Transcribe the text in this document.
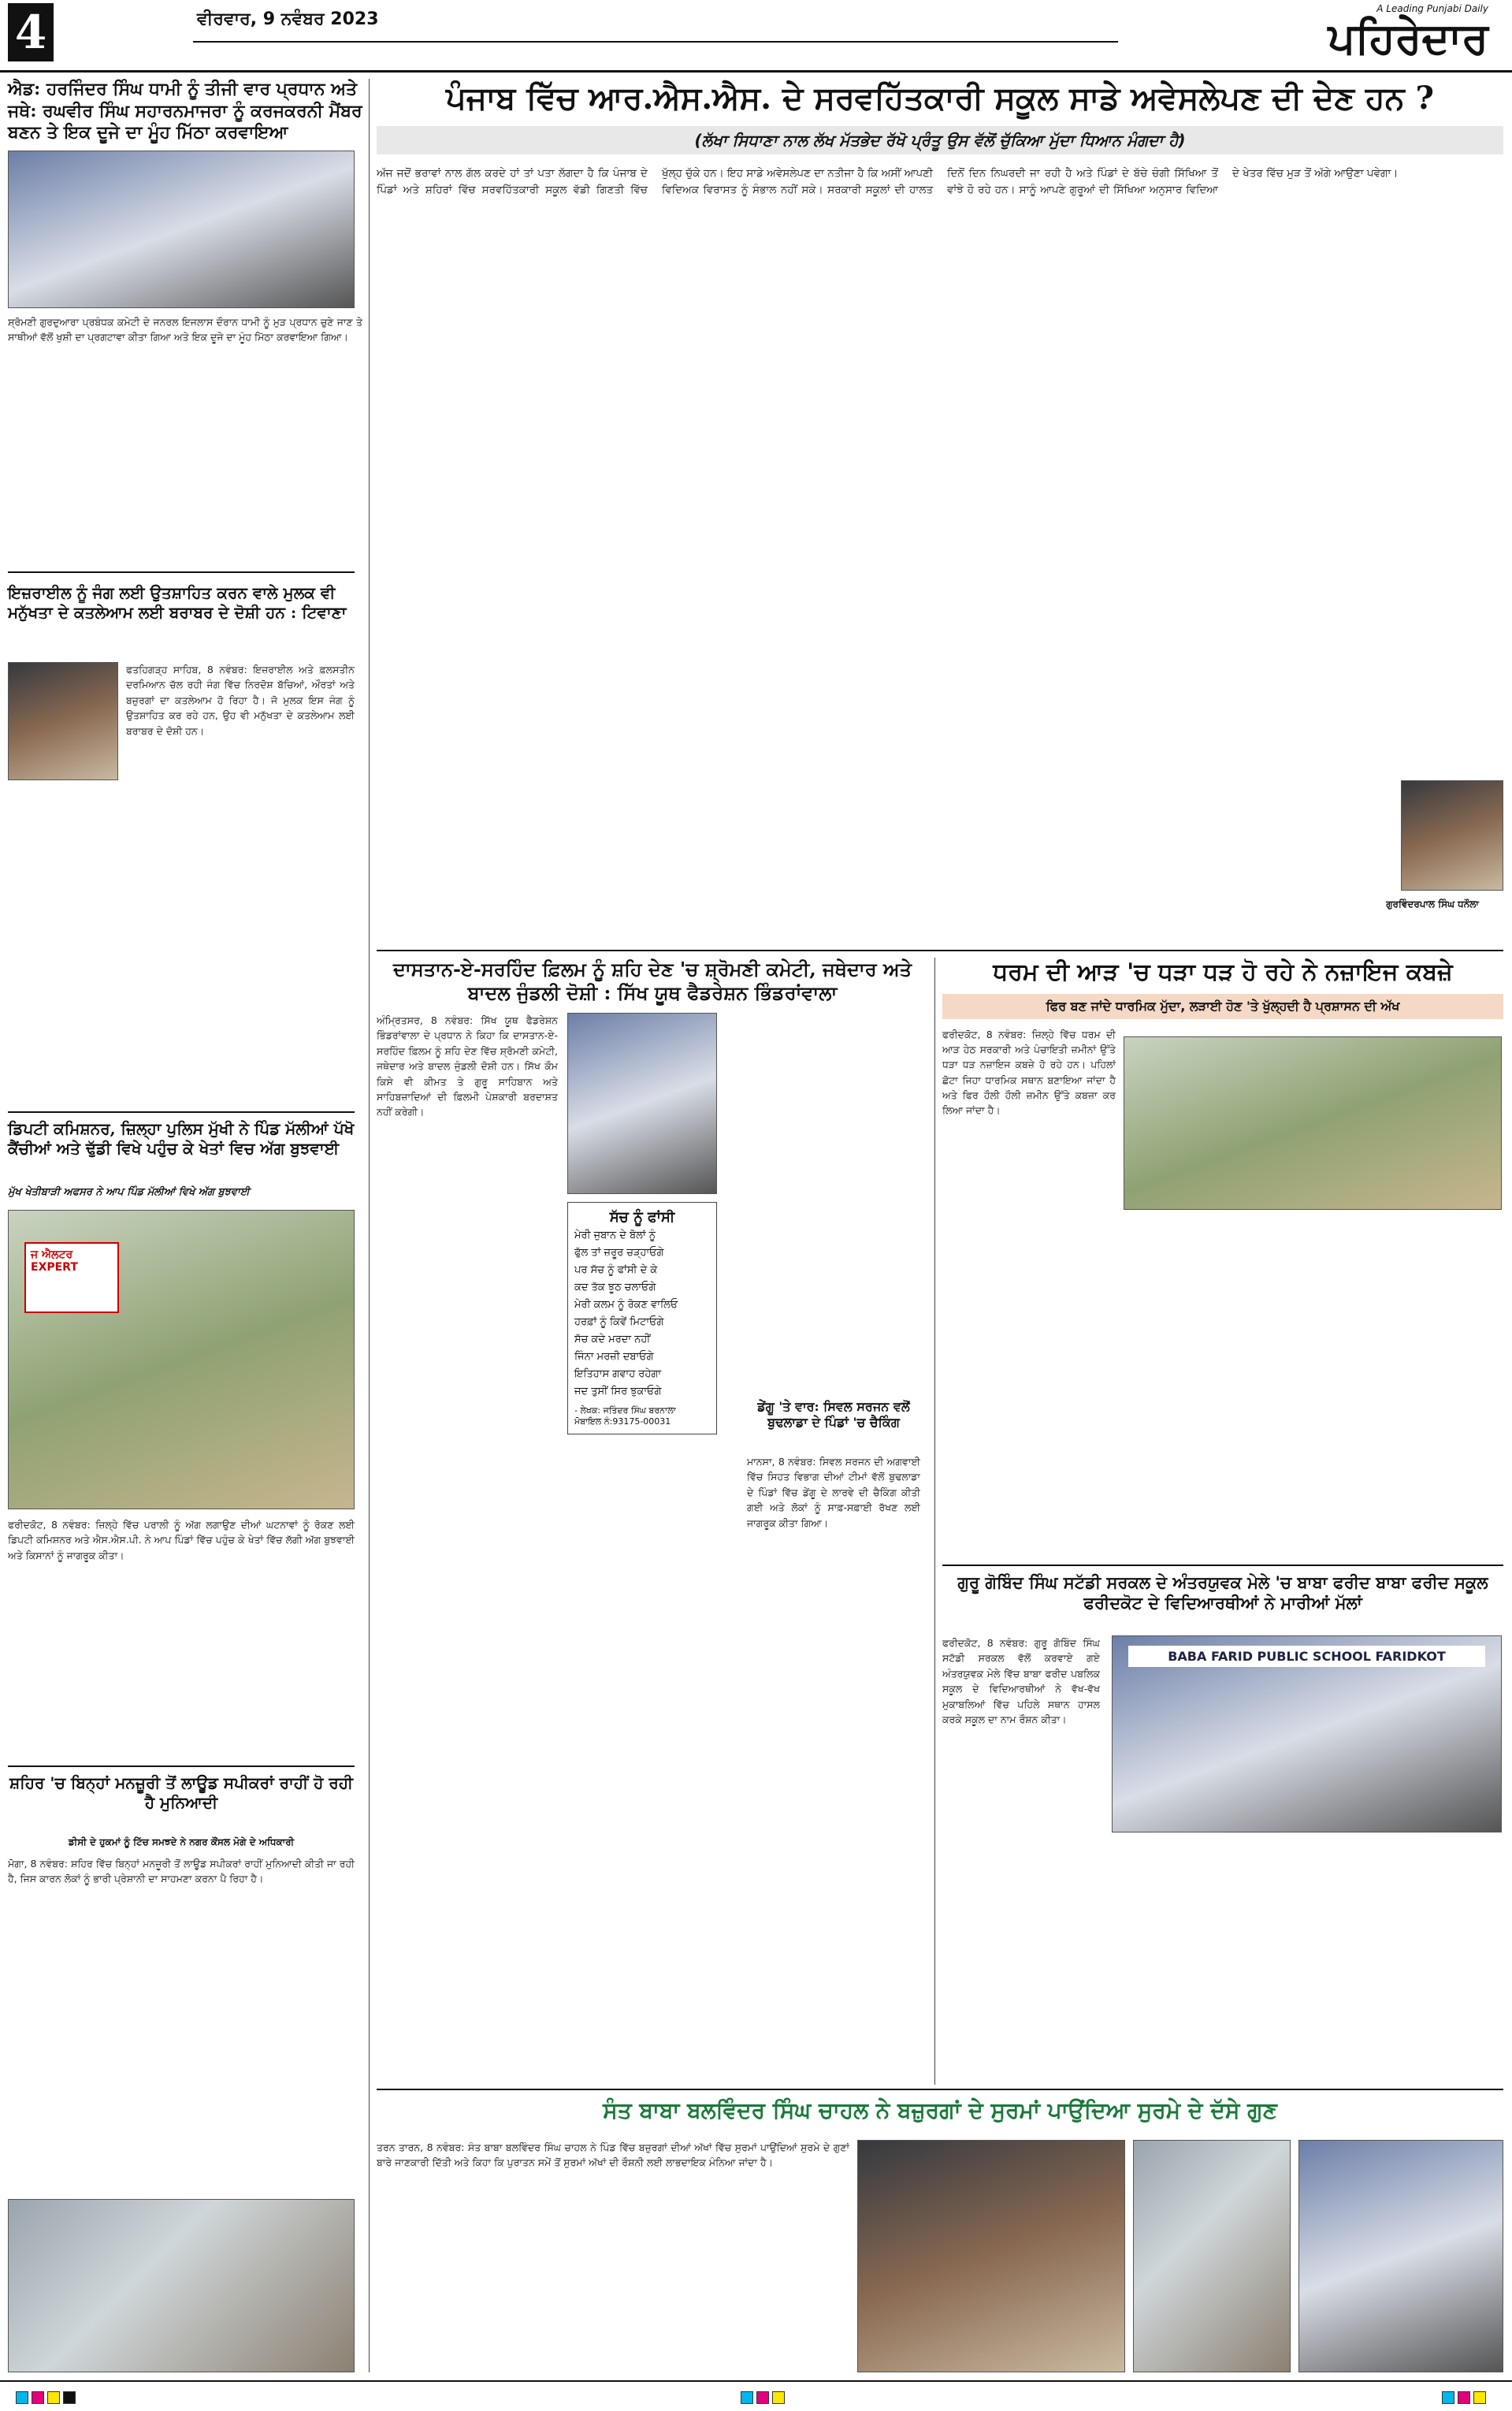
4	ਵੀਰਵਾਰ, 9 ਨਵੰਬਰ 2023
A Leading Punjabi Daily
ਪਹਿਰੇਦਾਰ
ਐਡ: ਹਰਜਿੰਦਰ ਸਿੰਘ ਧਾਮੀ ਨੂੰ ਤੀਜੀ ਵਾਰ ਪ੍ਰਧਾਨ ਅਤੇ ਜਥੇ: ਰਘਵੀਰ ਸਿੰਘ ਸਹਾਰਨਮਾਜਰਾ ਨੂੰ ਕਰਜਕਰਨੀ ਮੈਂਬਰ ਬਣਨ ਤੇ ਇਕ ਦੂਜੇ ਦਾ ਮੂੰਹ ਮਿੱਠਾ ਕਰਵਾਇਆ

ਸ਼੍ਰੋਮਣੀ ਗੁਰਦੁਆਰਾ ਪ੍ਰਬੰਧਕ ਕਮੇਟੀ ਦੇ ਜਨਰਲ ਇਜਲਾਸ ਦੌਰਾਨ ਧਾਮੀ ਨੂੰ ਮੁੜ ਪ੍ਰਧਾਨ ਚੁਣੇ ਜਾਣ ਤੇ ਸਾਥੀਆਂ ਵੱਲੋਂ ਖੁਸ਼ੀ ਦਾ ਪ੍ਰਗਟਾਵਾ ਕੀਤਾ ਗਿਆ ਅਤੇ ਇਕ ਦੂਜੇ ਦਾ ਮੂੰਹ ਮਿੱਠਾ ਕਰਵਾਇਆ ਗਿਆ।

ਇਜ਼ਰਾਈਲ ਨੂੰ ਜੰਗ ਲਈ ਉਤਸ਼ਾਹਿਤ ਕਰਨ ਵਾਲੇ ਮੁਲਕ ਵੀ ਮਨੁੱਖਤਾ ਦੇ ਕਤਲੇਆਮ ਲਈ ਬਰਾਬਰ ਦੇ ਦੋਸ਼ੀ ਹਨ : ਟਿਵਾਣਾ

ਫਤਹਿਗੜ੍ਹ ਸਾਹਿਬ, 8 ਨਵੰਬਰ: ਇਜ਼ਰਾਈਲ ਅਤੇ ਫ਼ਲਸਤੀਨ ਦਰਮਿਆਨ ਚੱਲ ਰਹੀ ਜੰਗ ਵਿੱਚ ਨਿਰਦੋਸ਼ ਬੱਚਿਆਂ, ਔਰਤਾਂ ਅਤੇ ਬਜ਼ੁਰਗਾਂ ਦਾ ਕਤਲੇਆਮ ਹੋ ਰਿਹਾ ਹੈ। ਜੋ ਮੁਲਕ ਇਸ ਜੰਗ ਨੂੰ ਉਤਸ਼ਾਹਿਤ ਕਰ ਰਹੇ ਹਨ, ਉਹ ਵੀ ਮਨੁੱਖਤਾ ਦੇ ਕਤਲੇਆਮ ਲਈ ਬਰਾਬਰ ਦੇ ਦੋਸ਼ੀ ਹਨ।

ਡਿਪਟੀ ਕਮਿਸ਼ਨਰ, ਜ਼ਿਲ੍ਹਾ ਪੁਲਿਸ ਮੁੱਖੀ ਨੇ ਪਿੰਡ ਮੱਲੀਆਂ ਪੱਖੋ ਕੈਂਚੀਆਂ ਅਤੇ ਢੁੱਡੀ ਵਿਖੇ ਪਹੁੰਚ ਕੇ ਖੇਤਾਂ ਵਿਚ ਅੱਗ ਬੁਝਵਾਈ
ਮੁੱਖ ਖੇਤੀਬਾੜੀ ਅਫਸਰ ਨੇ ਆਪ ਪਿੰਡ ਮੱਲੀਆਂ ਵਿਖੇ ਅੱਗ ਬੁਝਵਾਈ
ਜ ਐਲਟਰ EXPERT

ਫਰੀਦਕੋਟ, 8 ਨਵੰਬਰ: ਜ਼ਿਲ੍ਹੇ ਵਿੱਚ ਪਰਾਲੀ ਨੂੰ ਅੱਗ ਲਗਾਉਣ ਦੀਆਂ ਘਟਨਾਵਾਂ ਨੂੰ ਰੋਕਣ ਲਈ ਡਿਪਟੀ ਕਮਿਸ਼ਨਰ ਅਤੇ ਐਸ.ਐਸ.ਪੀ. ਨੇ ਆਪ ਪਿੰਡਾਂ ਵਿੱਚ ਪਹੁੰਚ ਕੇ ਖੇਤਾਂ ਵਿੱਚ ਲੱਗੀ ਅੱਗ ਬੁਝਵਾਈ ਅਤੇ ਕਿਸਾਨਾਂ ਨੂੰ ਜਾਗਰੂਕ ਕੀਤਾ।

ਸ਼ਹਿਰ 'ਚ ਬਿਨ੍ਹਾਂ ਮਨਜ਼ੂਰੀ ਤੋਂ ਲਾਊਡ ਸਪੀਕਰਾਂ ਰਾਹੀਂ ਹੋ ਰਹੀ ਹੈ ਮੁਨਿਆਦੀ
ਡੀਸੀ ਦੇ ਹੁਕਮਾਂ ਨੂੰ ਟਿੱਚ ਸਮਝਦੇ ਨੇ ਨਗਰ ਕੌਂਸਲ ਮੋਗੇ ਦੇ ਅਧਿਕਾਰੀ

ਮੋਗਾ, 8 ਨਵੰਬਰ: ਸ਼ਹਿਰ ਵਿੱਚ ਬਿਨ੍ਹਾਂ ਮਨਜ਼ੂਰੀ ਤੋਂ ਲਾਊਡ ਸਪੀਕਰਾਂ ਰਾਹੀਂ ਮੁਨਿਆਦੀ ਕੀਤੀ ਜਾ ਰਹੀ ਹੈ, ਜਿਸ ਕਾਰਨ ਲੋਕਾਂ ਨੂੰ ਭਾਰੀ ਪ੍ਰੇਸ਼ਾਨੀ ਦਾ ਸਾਹਮਣਾ ਕਰਨਾ ਪੈ ਰਿਹਾ ਹੈ।

ਪੰਜਾਬ ਵਿੱਚ ਆਰ.ਐਸ.ਐਸ. ਦੇ ਸਰਵਹਿੱਤਕਾਰੀ ਸਕੂਲ ਸਾਡੇ ਅਵੇਸਲੇਪਣ ਦੀ ਦੇਣ ਹਨ ?
(ਲੱਖਾ ਸਿਧਾਣਾ ਨਾਲ ਲੱਖ ਮੱਤਭੇਦ ਰੱਖੋ ਪ੍ਰੰਤੂ ਉਸ ਵੱਲੋਂ ਚੁੱਕਿਆ ਮੁੱਦਾ ਧਿਆਨ ਮੰਗਦਾ ਹੈ)

ਅੱਜ ਜਦੋਂ ਭਰਾਵਾਂ ਨਾਲ ਗੱਲ ਕਰਦੇ ਹਾਂ ਤਾਂ ਪਤਾ ਲੱਗਦਾ ਹੈ ਕਿ ਪੰਜਾਬ ਦੇ ਪਿੰਡਾਂ ਅਤੇ ਸ਼ਹਿਰਾਂ ਵਿੱਚ ਸਰਵਹਿੱਤਕਾਰੀ ਸਕੂਲ ਵੱਡੀ ਗਿਣਤੀ ਵਿੱਚ ਖੁੱਲ੍ਹ ਚੁੱਕੇ ਹਨ। ਇਹ ਸਾਡੇ ਅਵੇਸਲੇਪਣ ਦਾ ਨਤੀਜਾ ਹੈ ਕਿ ਅਸੀਂ ਆਪਣੀ ਵਿਦਿਅਕ ਵਿਰਾਸਤ ਨੂੰ ਸੰਭਾਲ ਨਹੀਂ ਸਕੇ। ਸਰਕਾਰੀ ਸਕੂਲਾਂ ਦੀ ਹਾਲਤ ਦਿਨੋਂ ਦਿਨ ਨਿਘਰਦੀ ਜਾ ਰਹੀ ਹੈ ਅਤੇ ਪਿੰਡਾਂ ਦੇ ਬੱਚੇ ਚੰਗੀ ਸਿੱਖਿਆ ਤੋਂ ਵਾਂਝੇ ਹੋ ਰਹੇ ਹਨ। ਸਾਨੂੰ ਆਪਣੇ ਗੁਰੂਆਂ ਦੀ ਸਿੱਖਿਆ ਅਨੁਸਾਰ ਵਿਦਿਆ ਦੇ ਖੇਤਰ ਵਿੱਚ ਮੁੜ ਤੋਂ ਅੱਗੇ ਆਉਣਾ ਪਵੇਗਾ।

ਗੁਰਵਿੰਦਰਪਾਲ ਸਿੰਘ ਧਨੌਲਾ
ਦਾਸਤਾਨ-ਏ-ਸਰਹਿੰਦ ਫ਼ਿਲਮ ਨੂੰ ਸ਼ਹਿ ਦੇਣ 'ਚ ਸ਼੍ਰੋਮਣੀ ਕਮੇਟੀ, ਜਥੇਦਾਰ ਅਤੇ ਬਾਦਲ ਜੁੰਡਲੀ ਦੋਸ਼ੀ : ਸਿੱਖ ਯੂਥ ਫੈਡਰੇਸ਼ਨ ਭਿੰਡਰਾਂਵਾਲਾ

ਅੰਮ੍ਰਿਤਸਰ, 8 ਨਵੰਬਰ: ਸਿੱਖ ਯੂਥ ਫੈਡਰੇਸ਼ਨ ਭਿੰਡਰਾਂਵਾਲਾ ਦੇ ਪ੍ਰਧਾਨ ਨੇ ਕਿਹਾ ਕਿ ਦਾਸਤਾਨ-ਏ-ਸਰਹਿੰਦ ਫ਼ਿਲਮ ਨੂੰ ਸ਼ਹਿ ਦੇਣ ਵਿੱਚ ਸ਼੍ਰੋਮਣੀ ਕਮੇਟੀ, ਜਥੇਦਾਰ ਅਤੇ ਬਾਦਲ ਜੁੰਡਲੀ ਦੋਸ਼ੀ ਹਨ। ਸਿੱਖ ਕੌਮ ਕਿਸੇ ਵੀ ਕੀਮਤ ਤੇ ਗੁਰੂ ਸਾਹਿਬਾਨ ਅਤੇ ਸਾਹਿਬਜ਼ਾਦਿਆਂ ਦੀ ਫ਼ਿਲਮੀ ਪੇਸ਼ਕਾਰੀ ਬਰਦਾਸ਼ਤ ਨਹੀਂ ਕਰੇਗੀ।

ਸੱਚ ਨੂੰ ਫਾਂਸੀ
ਮੇਰੀ ਜੁਬਾਨ ਦੇ ਬੋਲਾਂ ਨੂੰ
ਫੁੱਲ ਤਾਂ ਜ਼ਰੂਰ ਚੜ੍ਹਾਓਗੇ
ਪਰ ਸੱਚ ਨੂੰ ਫਾਂਸੀ ਦੇ ਕੇ
ਕਦ ਤੱਕ ਝੂਠ ਚਲਾਓਗੇ
ਮੇਰੀ ਕਲਮ ਨੂੰ ਰੋਕਣ ਵਾਲਿਓ
ਹਰਫ਼ਾਂ ਨੂੰ ਕਿਵੇਂ ਮਿਟਾਓਗੇ
ਸੱਚ ਕਦੇ ਮਰਦਾ ਨਹੀਂ
ਜਿੰਨਾ ਮਰਜ਼ੀ ਦਬਾਓਗੇ
ਇਤਿਹਾਸ ਗਵਾਹ ਰਹੇਗਾ
ਜਦ ਤੁਸੀਂ ਸਿਰ ਝੁਕਾਓਗੇ
- ਲੇਖਕ: ਜਤਿੰਦਰ ਸਿੰਘ ਬਰਨਾਲਾ
ਮੋਬਾਇਲ ਨੰ:93175-00031
ਡੇਂਗੂ 'ਤੇ ਵਾਰ: ਸਿਵਲ ਸਰਜਨ ਵਲੋਂ ਬੁਢਲਾਡਾ ਦੇ ਪਿੰਡਾਂ 'ਚ ਚੈਕਿੰਗ

ਮਾਨਸਾ, 8 ਨਵੰਬਰ: ਸਿਵਲ ਸਰਜਨ ਦੀ ਅਗਵਾਈ ਵਿੱਚ ਸਿਹਤ ਵਿਭਾਗ ਦੀਆਂ ਟੀਮਾਂ ਵੱਲੋਂ ਬੁਢਲਾਡਾ ਦੇ ਪਿੰਡਾਂ ਵਿੱਚ ਡੇਂਗੂ ਦੇ ਲਾਰਵੇ ਦੀ ਚੈਕਿੰਗ ਕੀਤੀ ਗਈ ਅਤੇ ਲੋਕਾਂ ਨੂੰ ਸਾਫ਼-ਸਫ਼ਾਈ ਰੱਖਣ ਲਈ ਜਾਗਰੂਕ ਕੀਤਾ ਗਿਆ।

ਧਰਮ ਦੀ ਆੜ 'ਚ ਧੜਾ ਧੜ ਹੋ ਰਹੇ ਨੇ ਨਜ਼ਾਇਜ ਕਬਜ਼ੇ
ਫਿਰ ਬਣ ਜਾਂਦੇ ਧਾਰਮਿਕ ਮੁੱਦਾ, ਲੜਾਈ ਹੋਣ 'ਤੇ ਖੁੱਲ੍ਹਦੀ ਹੈ ਪ੍ਰਸ਼ਾਸਨ ਦੀ ਅੱਖ

ਫਰੀਦਕੋਟ, 8 ਨਵੰਬਰ: ਜ਼ਿਲ੍ਹੇ ਵਿੱਚ ਧਰਮ ਦੀ ਆੜ ਹੇਠ ਸਰਕਾਰੀ ਅਤੇ ਪੰਚਾਇਤੀ ਜ਼ਮੀਨਾਂ ਉੱਤੇ ਧੜਾ ਧੜ ਨਜ਼ਾਇਜ ਕਬਜ਼ੇ ਹੋ ਰਹੇ ਹਨ। ਪਹਿਲਾਂ ਛੋਟਾ ਜਿਹਾ ਧਾਰਮਿਕ ਸਥਾਨ ਬਣਾਇਆ ਜਾਂਦਾ ਹੈ ਅਤੇ ਫਿਰ ਹੌਲੀ ਹੌਲੀ ਜ਼ਮੀਨ ਉੱਤੇ ਕਬਜ਼ਾ ਕਰ ਲਿਆ ਜਾਂਦਾ ਹੈ।

ਗੁਰੂ ਗੋਬਿੰਦ ਸਿੰਘ ਸਟੱਡੀ ਸਰਕਲ ਦੇ ਅੰਤਰਯੁਵਕ ਮੇਲੇ 'ਚ ਬਾਬਾ ਫਰੀਦ ਬਾਬਾ ਫਰੀਦ ਸਕੂਲ ਫਰੀਦਕੋਟ ਦੇ ਵਿਦਿਆਰਥੀਆਂ ਨੇ ਮਾਰੀਆਂ ਮੱਲਾਂ

ਫਰੀਦਕੋਟ, 8 ਨਵੰਬਰ: ਗੁਰੂ ਗੋਬਿੰਦ ਸਿੰਘ ਸਟੱਡੀ ਸਰਕਲ ਵੱਲੋਂ ਕਰਵਾਏ ਗਏ ਅੰਤਰਯੁਵਕ ਮੇਲੇ ਵਿੱਚ ਬਾਬਾ ਫਰੀਦ ਪਬਲਿਕ ਸਕੂਲ ਦੇ ਵਿਦਿਆਰਥੀਆਂ ਨੇ ਵੱਖ-ਵੱਖ ਮੁਕਾਬਲਿਆਂ ਵਿੱਚ ਪਹਿਲੇ ਸਥਾਨ ਹਾਸਲ ਕਰਕੇ ਸਕੂਲ ਦਾ ਨਾਮ ਰੌਸ਼ਨ ਕੀਤਾ।

BABA FARID PUBLIC SCHOOL FARIDKOT
ਸੰਤ ਬਾਬਾ ਬਲਵਿੰਦਰ ਸਿੰਘ ਚਾਹਲ ਨੇ ਬਜ਼ੁਰਗਾਂ ਦੇ ਸੁਰਮਾਂ ਪਾਉਂਦਿਆ ਸੁਰਮੇ ਦੇ ਦੱਸੇ ਗੁਣ

ਤਰਨ ਤਾਰਨ, 8 ਨਵੰਬਰ: ਸੰਤ ਬਾਬਾ ਬਲਵਿੰਦਰ ਸਿੰਘ ਚਾਹਲ ਨੇ ਪਿੰਡ ਵਿੱਚ ਬਜ਼ੁਰਗਾਂ ਦੀਆਂ ਅੱਖਾਂ ਵਿੱਚ ਸੁਰਮਾਂ ਪਾਉਂਦਿਆਂ ਸੁਰਮੇ ਦੇ ਗੁਣਾਂ ਬਾਰੇ ਜਾਣਕਾਰੀ ਦਿੱਤੀ ਅਤੇ ਕਿਹਾ ਕਿ ਪੁਰਾਤਨ ਸਮੇਂ ਤੋਂ ਸੁਰਮਾਂ ਅੱਖਾਂ ਦੀ ਰੌਸ਼ਨੀ ਲਈ ਲਾਭਦਾਇਕ ਮੰਨਿਆ ਜਾਂਦਾ ਹੈ।
